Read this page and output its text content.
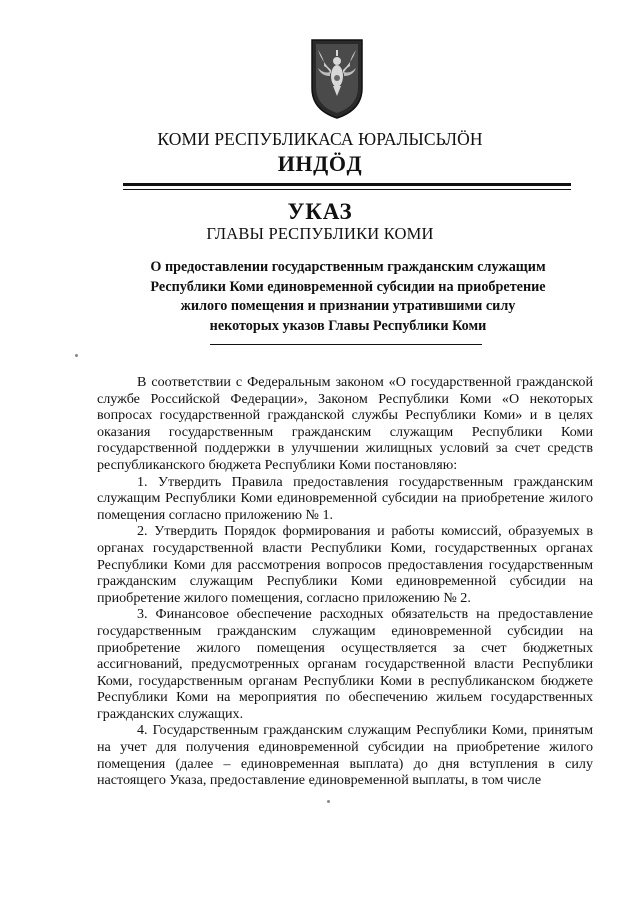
КОМИ РЕСПУБЛИКАСА ЮРАЛЫСЬЛӦН
ИНДӦД
УКАЗ
ГЛАВЫ РЕСПУБЛИКИ КОМИ
О предоставлении государственным гражданским служащим
Республики Коми единовременной субсидии на приобретение
жилого помещения и признании утратившими силу
некоторых указов Главы Республики Коми

В соответствии с Федеральным законом «О государственной гражданской службе Российской Федерации», Законом Республики Коми «О некоторых вопросах государственной гражданской службы Республики Коми» и в целях оказания государственным гражданским служащим Республики Коми государственной поддержки в улучшении жилищных условий за счет средств республиканского бюджета Республики Коми постановляю:

1. Утвердить Правила предоставления государственным гражданским служащим Республики Коми единовременной субсидии на приобретение жилого помещения согласно приложению № 1.

2. Утвердить Порядок формирования и работы комиссий, образуемых в органах государственной власти Республики Коми, государственных органах Республики Коми для рассмотрения вопросов предоставления государственным гражданским служащим Республики Коми единовременной субсидии на приобретение жилого помещения, согласно приложению № 2.

3. Финансовое обеспечение расходных обязательств на предоставление государственным гражданским служащим единовременной субсидии на приобретение жилого помещения осуществляется за счет бюджетных ассигнований, предусмотренных органам государственной власти Республики Коми, государственным органам Республики Коми в республиканском бюджете Республики Коми на мероприятия по обеспечению жильем государственных гражданских служащих.

4. Государственным гражданским служащим Республики Коми, принятым на учет для получения единовременной субсидии на приобретение жилого помещения (далее – единовременная выплата) до дня вступления в силу настоящего Указа, предоставление единовременной выплаты, в том числе
